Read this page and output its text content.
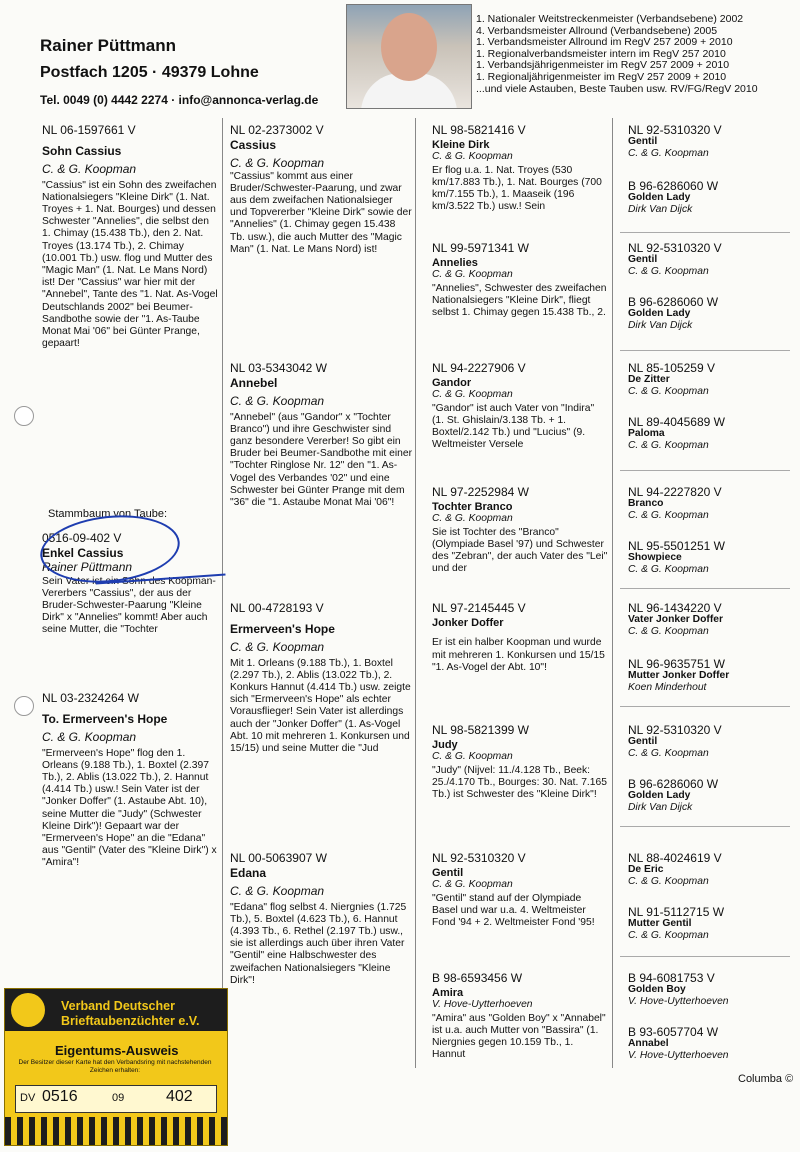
Rainer Püttmann
Postfach 1205 · 49379 Lohne
Tel. 0049 (0) 4442 2274 · info@annonca-verlag.de
1. Nationaler Weitstreckenmeister (Verbandsebene) 2002
4. Verbandsmeister Allround (Verbandsebene) 2005
1. Verbandsmeister Allround im RegV 257 2009 + 2010
1. Regionalverbandsmeister intern im RegV 257 2010
1. Verbandsjährigenmeister im RegV 257 2009 + 2010
1. Regionaljährigenmeister im RegV 257 2009 + 2010
...und viele Astauben, Beste Tauben usw. RV/FG/RegV 2010
NL 06-1597661 V
Sohn Cassius
C. & G. Koopman
"Cassius" ist ein Sohn des zweifachen Nationalsiegers "Kleine Dirk" (1. Nat. Troyes + 1. Nat. Bourges) und dessen Schwester "Annelies", die selbst den 1. Chimay (15.438 Tb.), den 2. Nat. Troyes (13.174 Tb.), 2. Chimay (10.001 Tb.) usw. flog und Mutter des "Magic Man" (1. Nat. Le Mans Nord) ist! Der "Cassius" war hier mit der "Annebel", Tante des "1. Nat. As-Vogel Deutschlands 2002" bei Beumer-Sandbothe sowie der "1. As-Taube Monat Mai '06" bei Günter Prange, gepaart!
Stammbaum von Taube:
0516-09-402 V
Enkel Cassius
Rainer Püttmann
Sein Vater ist ein Sohn des Koopman-Vererbers "Cassius", der aus der Bruder-Schwester-Paarung "Kleine Dirk" x "Annelies" kommt! Aber auch seine Mutter, die "Tochter
NL 03-2324264 W
To. Ermerveen's Hope
C. & G. Koopman
"Ermerveen's Hope" flog den 1. Orleans (9.188 Tb.), 1. Boxtel (2.397 Tb.), 2. Ablis (13.022 Tb.), 2. Hannut (4.414 Tb.) usw.! Sein Vater ist der "Jonker Doffer" (1. Astaube Abt. 10), seine Mutter die "Judy" (Schwester Kleine Dirk")! Gepaart war der "Ermerveen's Hope" an die "Edana" aus "Gentil" (Vater des "Kleine Dirk") x "Amira"!
NL 02-2373002 V
Cassius
C. & G. Koopman
"Cassius" kommt aus einer Bruder/Schwester-Paarung, und zwar aus dem zweifachen Nationalsieger und Topvererber "Kleine Dirk" sowie der "Annelies" (1. Chimay gegen 15.438 Tb. usw.), die auch Mutter des "Magic Man" (1. Nat. Le Mans Nord) ist!
NL 03-5343042 W
Annebel
C. & G. Koopman
"Annebel" (aus "Gandor" x "Tochter Branco") und ihre Geschwister sind ganz besondere Vererber! So gibt ein Bruder bei Beumer-Sandbothe mit einer "Tochter Ringlose Nr. 12" den "1. As-Vogel des Verbandes '02" und eine Schwester bei Günter Prange mit dem "36" die "1. Astaube Monat Mai '06"!
NL 00-4728193 V
Ermerveen's Hope
C. & G. Koopman
Mit 1. Orleans (9.188 Tb.), 1. Boxtel (2.297 Tb.), 2. Ablis (13.022 Tb.), 2. Konkurs Hannut (4.414 Tb.) usw. zeigte sich "Ermerveen's Hope" als echter Vorausflieger! Sein Vater ist allerdings auch der "Jonker Doffer" (1. As-Vogel Abt. 10 mit mehreren 1. Konkursen und 15/15) und seine Mutter die "Jud
NL 00-5063907 W
Edana
C. & G. Koopman
"Edana" flog selbst 4. Niergnies (1.725 Tb.), 5. Boxtel (4.623 Tb.), 6. Hannut (4.393 Tb., 6. Rethel (2.197 Tb.) usw., sie ist allerdings auch über ihren Vater "Gentil" eine Halbschwester des zweifachen Nationalsiegers "Kleine Dirk"!
NL 98-5821416 V
Kleine Dirk
C. & G. Koopman
Er flog u.a. 1. Nat. Troyes (530 km/17.883 Tb.), 1. Nat. Bourges (700 km/7.155 Tb.), 1. Maaseik (196 km/3.522 Tb.) usw.! Sein
NL 99-5971341 W
Annelies
C. & G. Koopman
"Annelies", Schwester des zweifachen Nationalsiegers "Kleine Dirk", fliegt selbst 1. Chimay gegen 15.438 Tb., 2.
NL 94-2227906 V
Gandor
C. & G. Koopman
"Gandor" ist auch Vater von "Indira" (1. St. Ghislain/3.138 Tb. + 1. Boxtel/2.142 Tb.) und "Lucius" (9. Weltmeister Versele
NL 97-2252984 W
Tochter Branco
C. & G. Koopman
Sie ist Tochter des "Branco" (Olympiade Basel '97) und Schwester des "Zebran", der auch Vater des "Lei" und der
NL 97-2145445 V
Jonker Doffer
Er ist ein halber Koopman und wurde mit mehreren 1. Konkursen und 15/15 "1. As-Vogel der Abt. 10"!
NL 98-5821399 W
Judy
C. & G. Koopman
"Judy" (Nijvel: 11./4.128 Tb., Beek: 25./4.170 Tb., Bourges: 30. Nat. 7.165 Tb.) ist Schwester des "Kleine Dirk"!
NL 92-5310320 V
Gentil
C. & G. Koopman
"Gentil" stand auf der Olympiade Basel und war u.a. 4. Weltmeister Fond '94 + 2. Weltmeister Fond '95!
B 98-6593456 W
Amira
V. Hove-Uytterhoeven
"Amira" aus "Golden Boy" x "Annabel" ist u.a. auch Mutter von "Bassira" (1. Niergnies gegen 10.159 Tb., 1. Hannut
NL 92-5310320 V
Gentil
C. & G. Koopman
B 96-6286060 W
Golden Lady
Dirk Van Dijck
NL 92-5310320 V
Gentil
C. & G. Koopman
B 96-6286060 W
Golden Lady
Dirk Van Dijck
NL 85-105259 V
De Zitter
C. & G. Koopman
NL 89-4045689 W
Paloma
C. & G. Koopman
NL 94-2227820 V
Branco
C. & G. Koopman
NL 95-5501251 W
Showpiece
C. & G. Koopman
NL 96-1434220 V
Vater Jonker Doffer
C. & G. Koopman
NL 96-9635751 W
Mutter Jonker Doffer
Koen Minderhout
NL 92-5310320 V
Gentil
C. & G. Koopman
B 96-6286060 W
Golden Lady
Dirk Van Dijck
NL 88-4024619 V
De Eric
C. & G. Koopman
NL 91-5112715 W
Mutter Gentil
C. & G. Koopman
B 94-6081753 V
Golden Boy
V. Hove-Uytterhoeven
B 93-6057704 W
Annabel
V. Hove-Uytterhoeven
Verband Deutscher
Brieftaubenzüchter e.V.
Eigentums-Ausweis
Der Besitzer dieser Karte hat den Verbandsring mit nachstehenden Zeichen erhalten:
DV 0516	09	402
Columba ©
